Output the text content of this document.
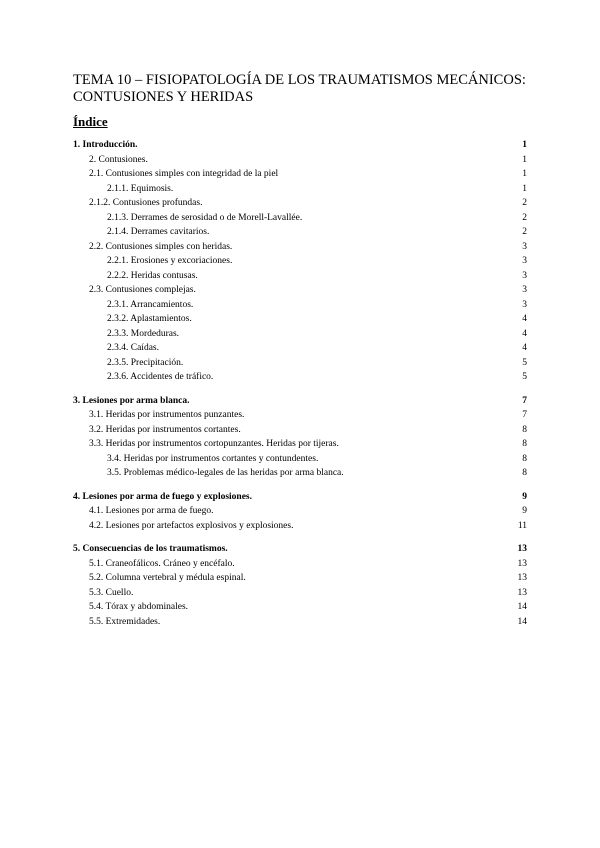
TEMA 10 – FISIOPATOLOGÍA DE LOS TRAUMATISMOS MECÁNICOS: CONTUSIONES Y HERIDAS
Índice
1. Introducción.	1
2. Contusiones.	1
2.1. Contusiones simples con integridad de la piel	1
2.1.1. Equimosis.	1
2.1.2. Contusiones profundas.	2
2.1.3. Derrames de serosidad o de Morell-Lavallée.	2
2.1.4. Derrames cavitarios.	2
2.2. Contusiones simples con heridas.	3
2.2.1. Erosiones y excoriaciones.	3
2.2.2. Heridas contusas.	3
2.3. Contusiones complejas.	3
2.3.1. Arrancamientos.	3
2.3.2. Aplastamientos.	4
2.3.3. Mordeduras.	4
2.3.4. Caídas.	4
2.3.5. Precipitación.	5
2.3.6. Accidentes de tráfico.	5
3. Lesiones por arma blanca.	7
3.1. Heridas por instrumentos punzantes.	7
3.2. Heridas por instrumentos cortantes.	8
3.3. Heridas por instrumentos cortopunzantes. Heridas por tijeras.	8
3.4. Heridas por instrumentos cortantes y contundentes.	8
3.5. Problemas médico-legales de las heridas por arma blanca.	8
4. Lesiones por arma de fuego y explosiones.	9
4.1. Lesiones por arma de fuego.	9
4.2. Lesiones por artefactos explosivos y explosiones.	11
5. Consecuencias de los traumatismos.	13
5.1. Craneofálicos. Cráneo y encéfalo.	13
5.2. Columna vertebral y médula espinal.	13
5.3. Cuello.	13
5.4. Tórax y abdominales.	14
5.5. Extremidades.	14
